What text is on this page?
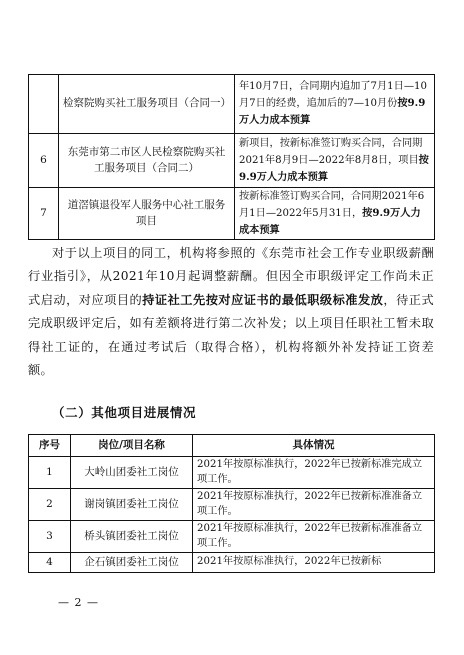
	检察院购买社工服务项目（合同一）	年10月7日，合同期内追加了7月1日—10月7日的经费，追加后的7—10月份按9.9万人力成本预算
6	东莞市第二市区人民检察院购买社工服务项目（合同二）	新项目，按新标准签订购买合同，合同期2021年8月9日—2022年8月8日，项目按9.9万人力成本预算
7	道滘镇退役军人服务中心社工服务项目	按新标准签订购买合同，合同期2021年6月1日—2022年5月31日，按9.9万人力成本预算

对于以上项目的同工，机构将参照的《东莞市社会工作专业职级薪酬行业指引》，从2021年10月起调整薪酬。但因全市职级评定工作尚未正式启动，对应项目的持证社工先按对应证书的最低职级标准发放，待正式完成职级评定后，如有差额将进行第二次补发；以上项目任职社工暂未取得社工证的，在通过考试后（取得合格），机构将额外补发持证工资差额。

（二）其他项目进展情况
序号	岗位/项目名称	具体情况
1	大岭山团委社工岗位	2021年按原标准执行，2022年已按新标准完成立项工作。
2	谢岗镇团委社工岗位	2021年按原标准执行，2022年已按新标准准备立项工作。
3	桥头镇团委社工岗位	2021年按原标准执行，2022年已按新标准准备立项工作。
4	企石镇团委社工岗位	2021年按原标准执行，2022年已按新标
— 2 —
